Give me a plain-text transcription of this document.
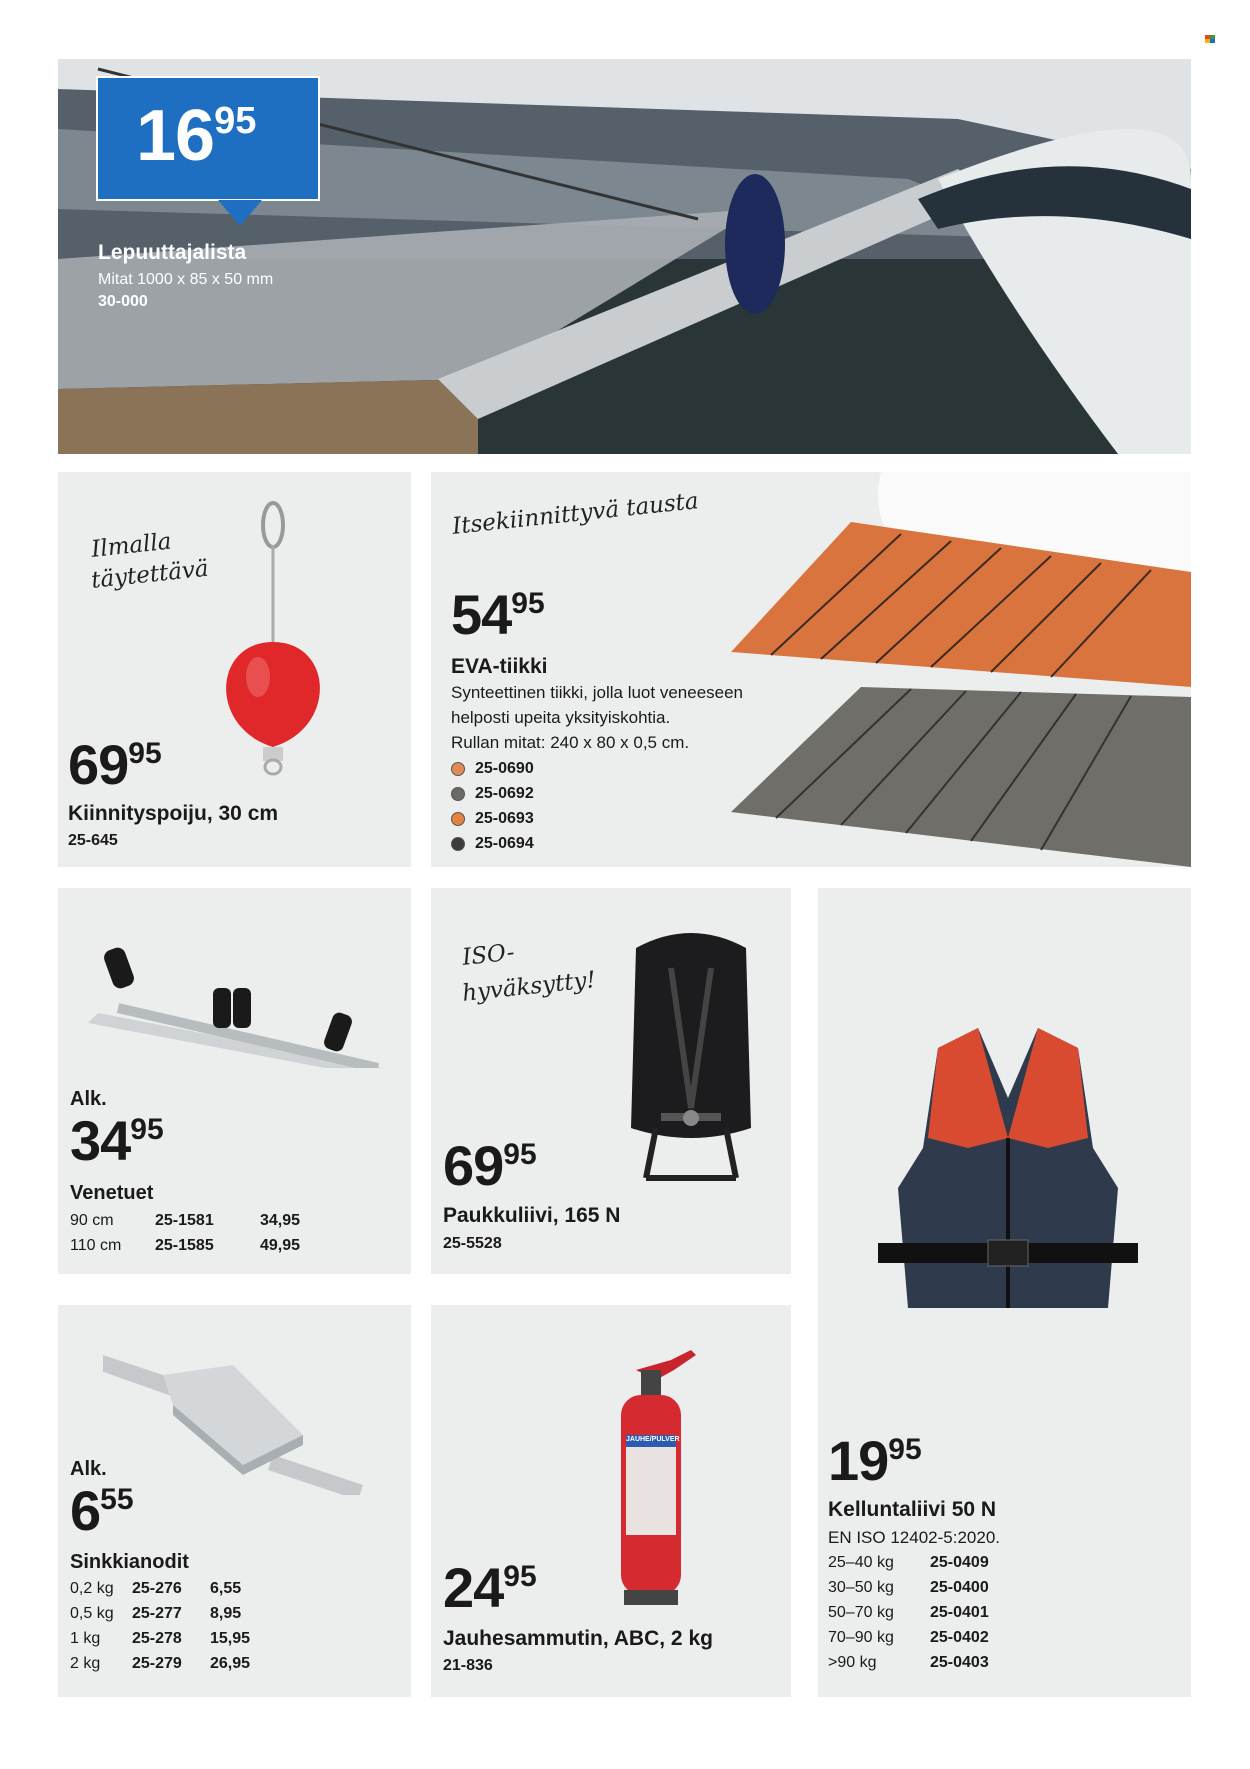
1695
Lepuuttajalista
Mitat 1000 x 85 x 50 mm
30-000
Ilmalla
täytettävä
6995
Kiinnityspoiju, 30 cm
25-645
Itsekiinnittyvä tausta
5495
EVA-tiikki
Synteettinen tiikki, jolla luot veneeseen
helposti upeita yksityiskohtia.
Rullan mitat: 240 x 80 x 0,5 cm.
25-0690
25-0692
25-0693
25-0694
Alk.
3495
Venetuet
90 cm	25-1581	34,95
110 cm	25-1585	49,95
ISO-
hyväksytty!
6995
Paukkuliivi, 165 N
25-5528
1995
Kelluntaliivi 50 N
EN ISO 12402-5:2020.
25–40 kg	25-0409
30–50 kg	25-0400
50–70 kg	25-0401
70–90 kg	25-0402
>90 kg	25-0403
Alk.
655
Sinkkianodit
0,2 kg	25-276	6,55
0,5 kg	25-277	8,95
1 kg	25-278	15,95
2 kg	25-279	26,95
JAUHE/PULVER
2495
Jauhesammutin, ABC, 2 kg
21-836
